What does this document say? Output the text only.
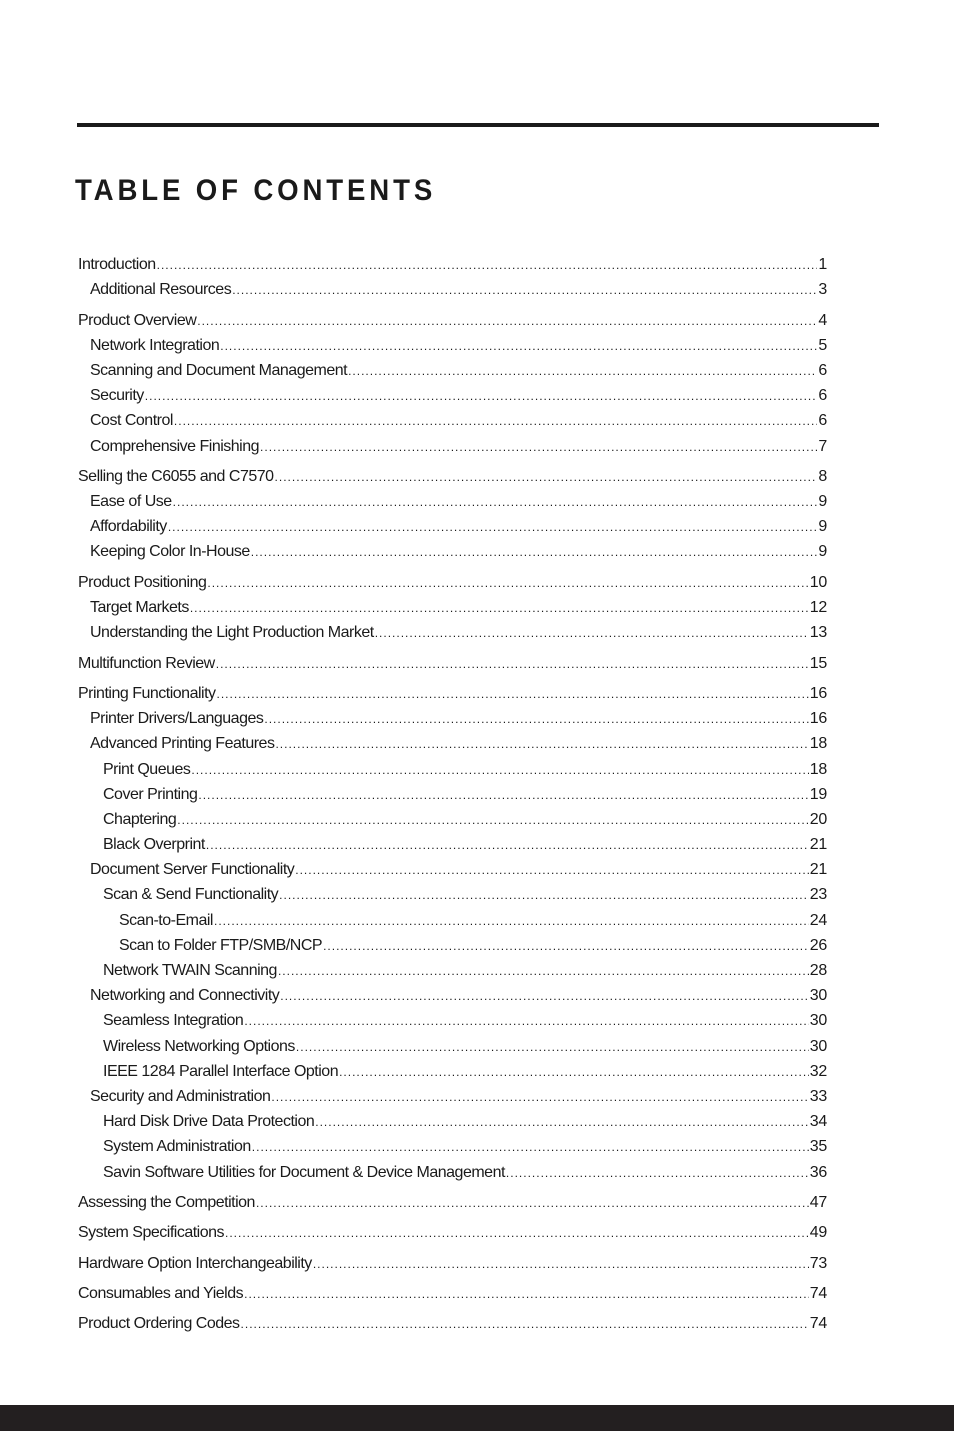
TABLE OF CONTENTS
Introduction .....	1
Additional Resources .....	3
Product Overview .....	4
Network Integration .....	5
Scanning and Document Management .....	6
Security .....	6
Cost Control .....	6
Comprehensive Finishing .....	7
Selling the C6055 and C7570 .....	8
Ease of Use .....	9
Affordability .....	9
Keeping Color In-House .....	9
Product Positioning .....	10
Target Markets .....	12
Understanding the Light Production Market .....	13
Multifunction Review .....	15
Printing Functionality .....	16
Printer Drivers/Languages .....	16
Advanced Printing Features .....	18
Print Queues .....	18
Cover Printing .....	19
Chaptering .....	20
Black Overprint .....	21
Document Server Functionality .....	21
Scan & Send Functionality .....	23
Scan-to-Email .....	24
Scan to Folder FTP/SMB/NCP .....	26
Network TWAIN Scanning .....	28
Networking and Connectivity .....	30
Seamless Integration .....	30
Wireless Networking Options .....	30
IEEE 1284 Parallel Interface Option .....	32
Security and Administration .....	33
Hard Disk Drive Data Protection .....	34
System Administration .....	35
Savin Software Utilities for Document & Device Management .....	36
Assessing the Competition .....	47
System Specifications .....	49
Hardware Option Interchangeability .....	73
Consumables and Yields .....	74
Product Ordering Codes .....	74
